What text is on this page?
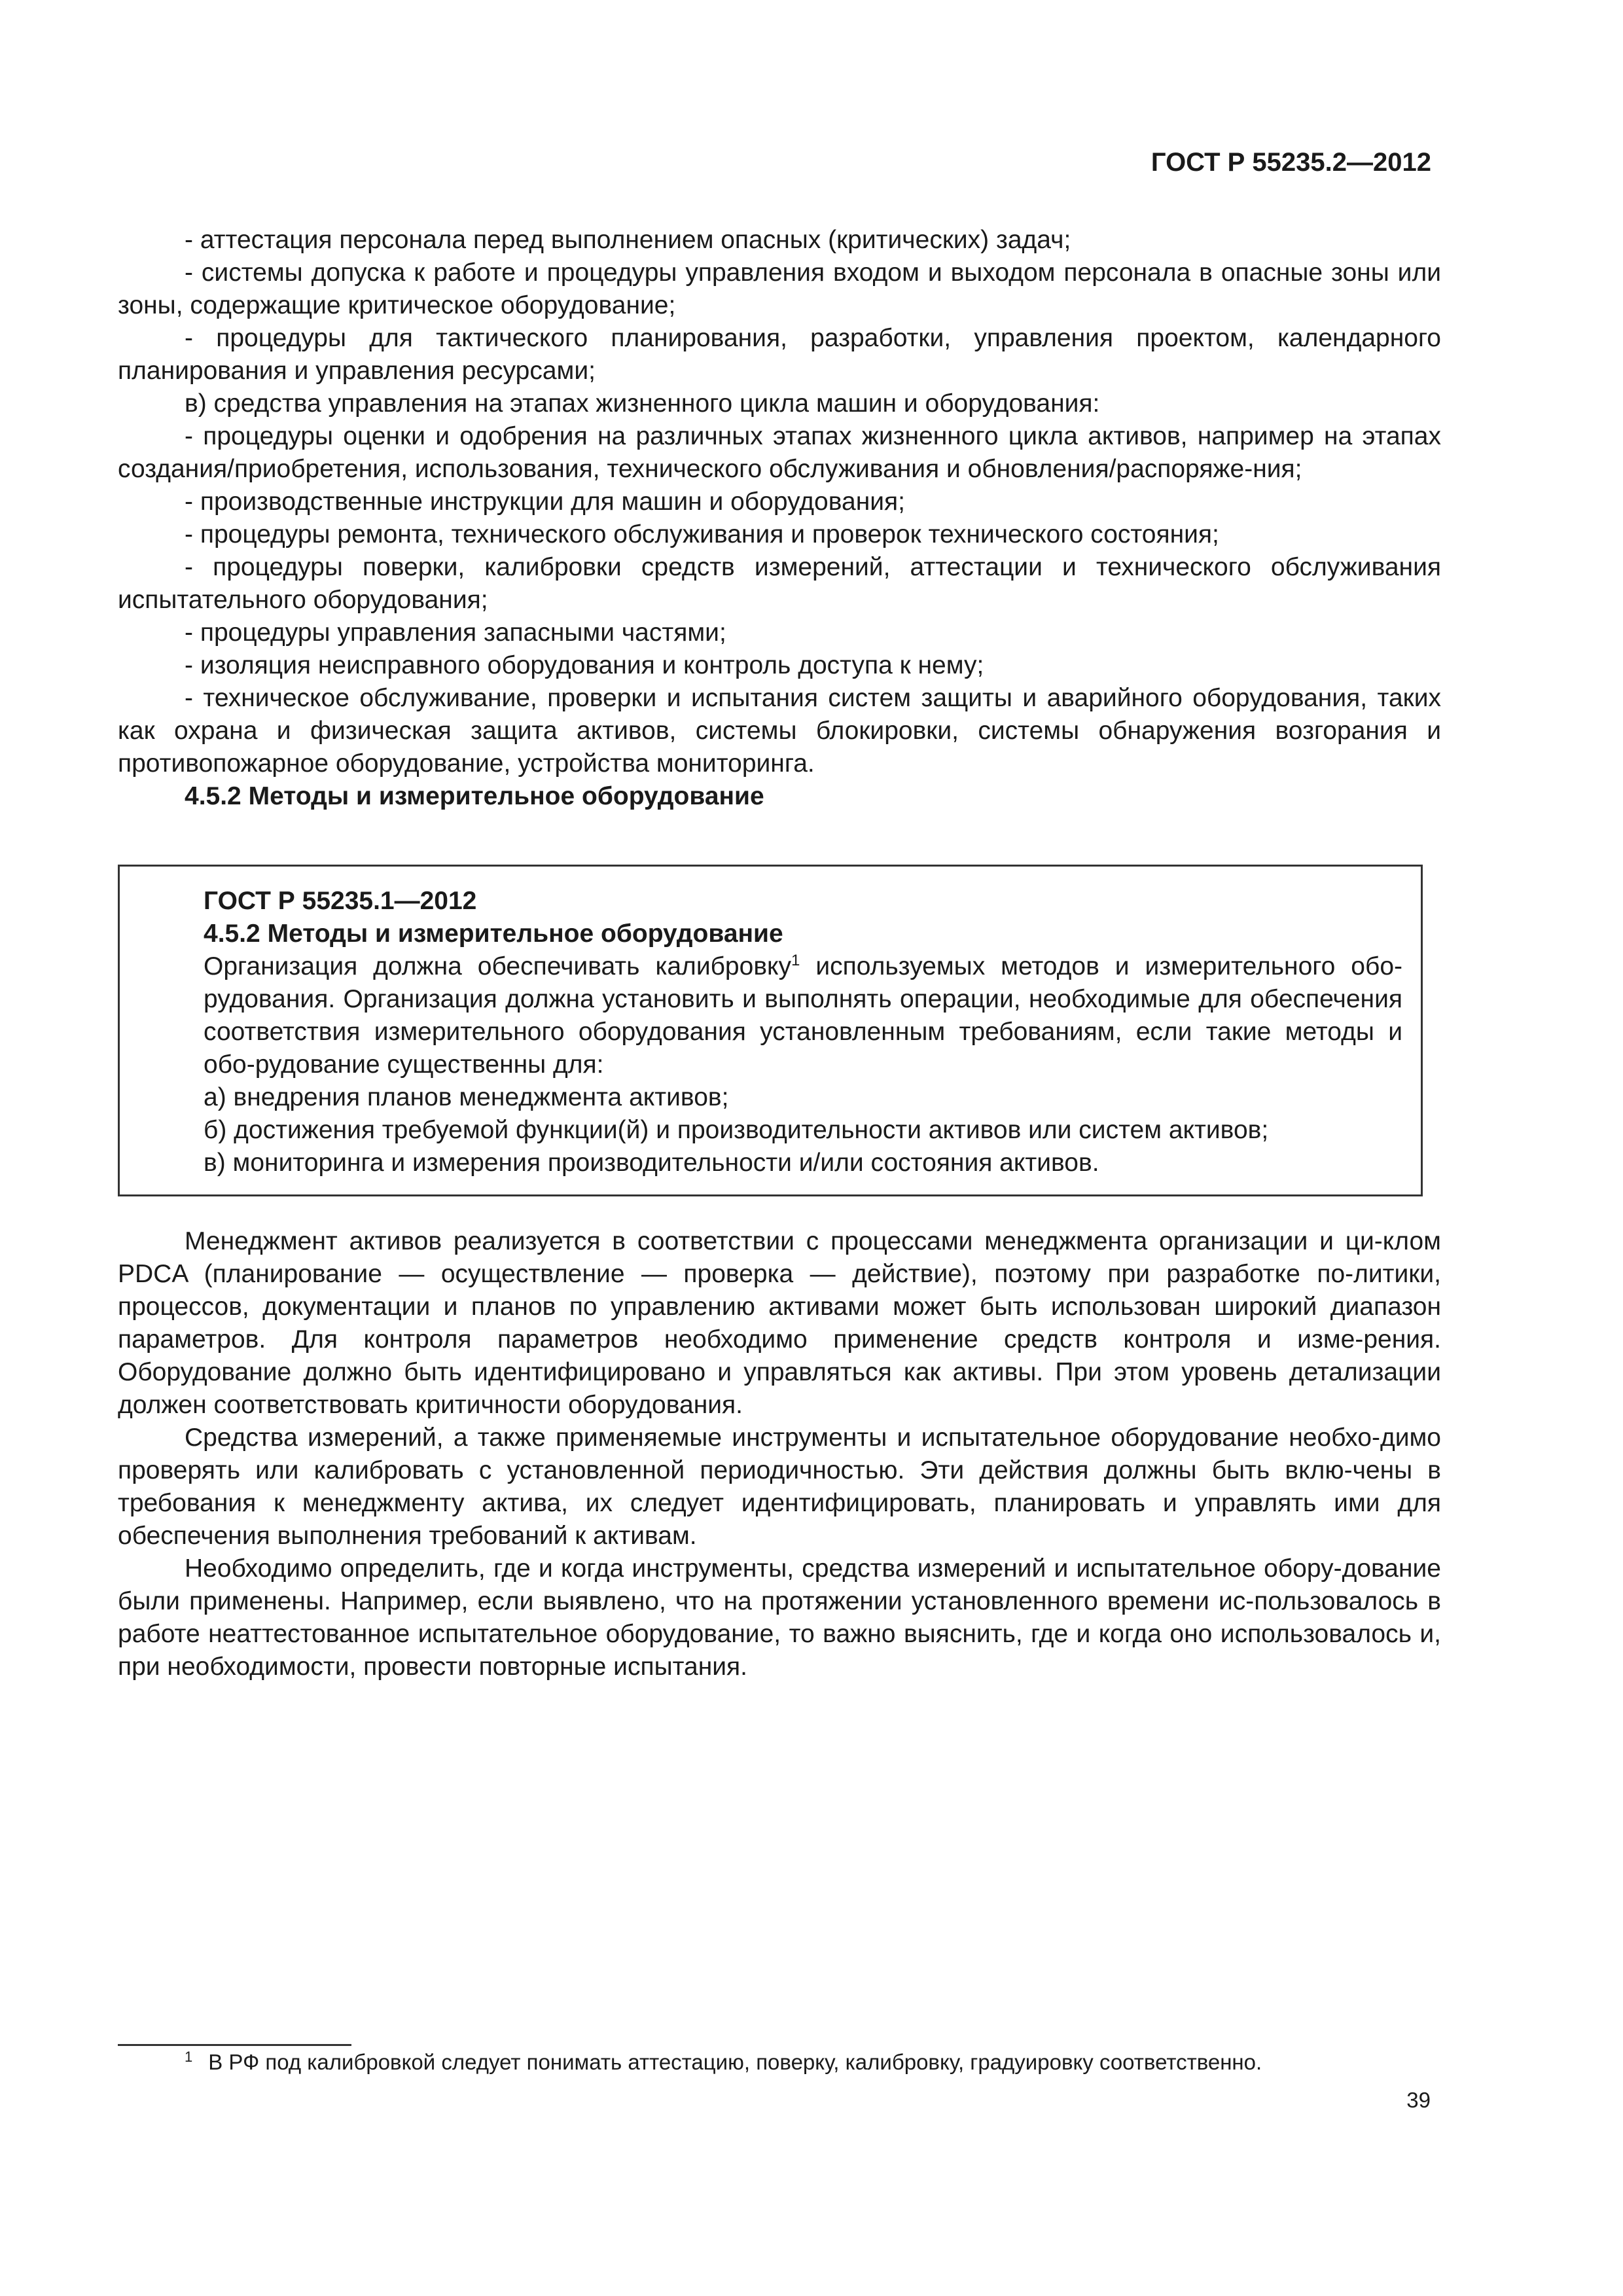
ГОСТ Р 55235.2—2012

- аттестация персонала перед выполнением опасных (критических) задач;

- системы допуска к работе и процедуры управления входом и выходом персонала в опасные зоны или зоны, содержащие критическое оборудование;

- процедуры для тактического планирования, разработки, управления проектом, календарного планирования и управления ресурсами;

в) средства управления на этапах жизненного цикла машин и оборудования:

- процедуры оценки и одобрения на различных этапах жизненного цикла активов, например на этапах создания/приобретения, использования, технического обслуживания и обновления/распоряже-ния;

- производственные инструкции для машин и оборудования;

- процедуры ремонта, технического обслуживания и проверок технического состояния;

- процедуры поверки, калибровки средств измерений, аттестации и технического обслуживания испытательного оборудования;

- процедуры управления запасными частями;

- изоляция неисправного оборудования и контроль доступа к нему;

- техническое обслуживание, проверки и испытания систем защиты и аварийного оборудования, таких как охрана и физическая защита активов, системы блокировки, системы обнаружения возгорания и противопожарное оборудование, устройства мониторинга.

4.5.2 Методы и измерительное оборудование

ГОСТ Р 55235.1—2012

4.5.2 Методы и измерительное оборудование

Организация должна обеспечивать калибровку$^1$ используемых методов и измерительного обо-рудования. Организация должна установить и выполнять операции, необходимые для обеспечения соответствия измерительного оборудования установленным требованиям, если такие методы и обо-рудование существенны для:

а) внедрения планов менеджмента активов;

б) достижения требуемой функции(й) и производительности активов или систем активов;

в) мониторинга и измерения производительности и/или состояния активов.

Менеджмент активов реализуется в соответствии с процессами менеджмента организации и ци-клом PDCA (планирование — осуществление — проверка — действие), поэтому при разработке по-литики, процессов, документации и планов по управлению активами может быть использован широкий диапазон параметров. Для контроля параметров необходимо применение средств контроля и изме-рения. Оборудование должно быть идентифицировано и управляться как активы. При этом уровень детализации должен соответствовать критичности оборудования.

Средства измерений, а также применяемые инструменты и испытательное оборудование необхо-димо проверять или калибровать с установленной периодичностью. Эти действия должны быть вклю-чены в требования к менеджменту актива, их следует идентифицировать, планировать и управлять ими для обеспечения выполнения требований к активам.

Необходимо определить, где и когда инструменты, средства измерений и испытательное обору-дование были применены. Например, если выявлено, что на протяжении установленного времени ис-пользовалось в работе неаттестованное испытательное оборудование, то важно выяснить, где и когда оно использовалось и, при необходимости, провести повторные испытания.

$^1$ В РФ под калибровкой следует понимать аттестацию, поверку, калибровку, градуировку соответственно.
39
